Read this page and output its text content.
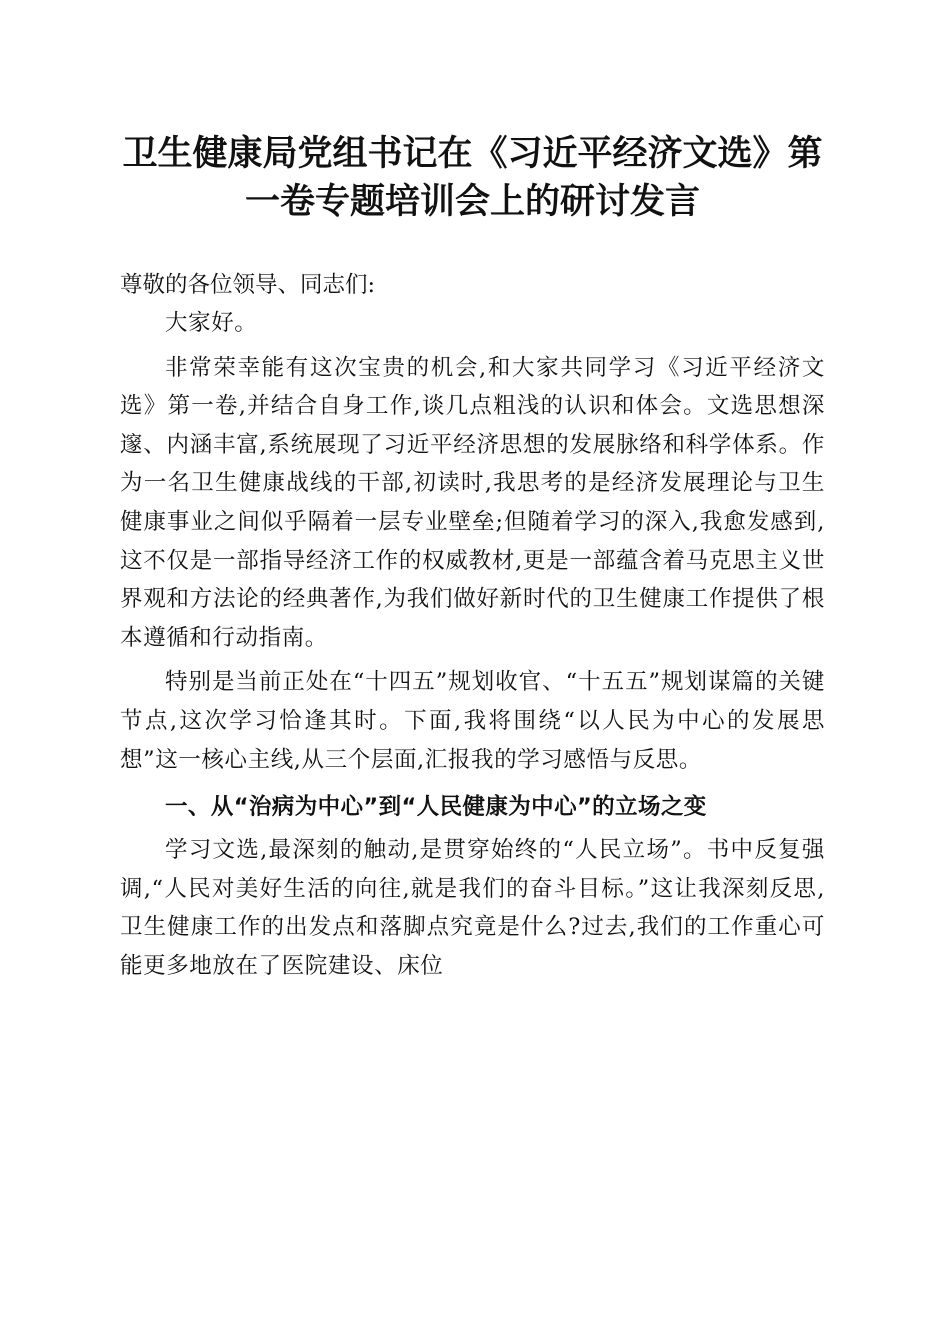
卫生健康局党组书记在《习近平经济文选》第
一卷专题培训会上的研讨发言

尊敬的各位领导、同志们:

大家好。

非常荣幸能有这次宝贵的机会,和大家共同学习《习近平经济文选》第一卷,并结合自身工作,谈几点粗浅的认识和体会。文选思想深邃、内涵丰富,系统展现了习近平经济思想的发展脉络和科学体系。作为一名卫生健康战线的干部,初读时,我思考的是经济发展理论与卫生健康事业之间似乎隔着一层专业壁垒;但随着学习的深入,我愈发感到,这不仅是一部指导经济工作的权威教材,更是一部蕴含着马克思主义世界观和方法论的经典著作,为我们做好新时代的卫生健康工作提供了根本遵循和行动指南。

特别是当前正处在“十四五”规划收官、“十五五”规划谋篇的关键节点,这次学习恰逢其时。下面,我将围绕“以人民为中心的发展思想”这一核心主线,从三个层面,汇报我的学习感悟与反思。

一、从“治病为中心”到“人民健康为中心”的立场之变

学习文选,最深刻的触动,是贯穿始终的“人民立场”。书中反复强调,“人民对美好生活的向往,就是我们的奋斗目标。”这让我深刻反思,卫生健康工作的出发点和落脚点究竟是什么?过去,我们的工作重心可能更多地放在了医院建设、床位
